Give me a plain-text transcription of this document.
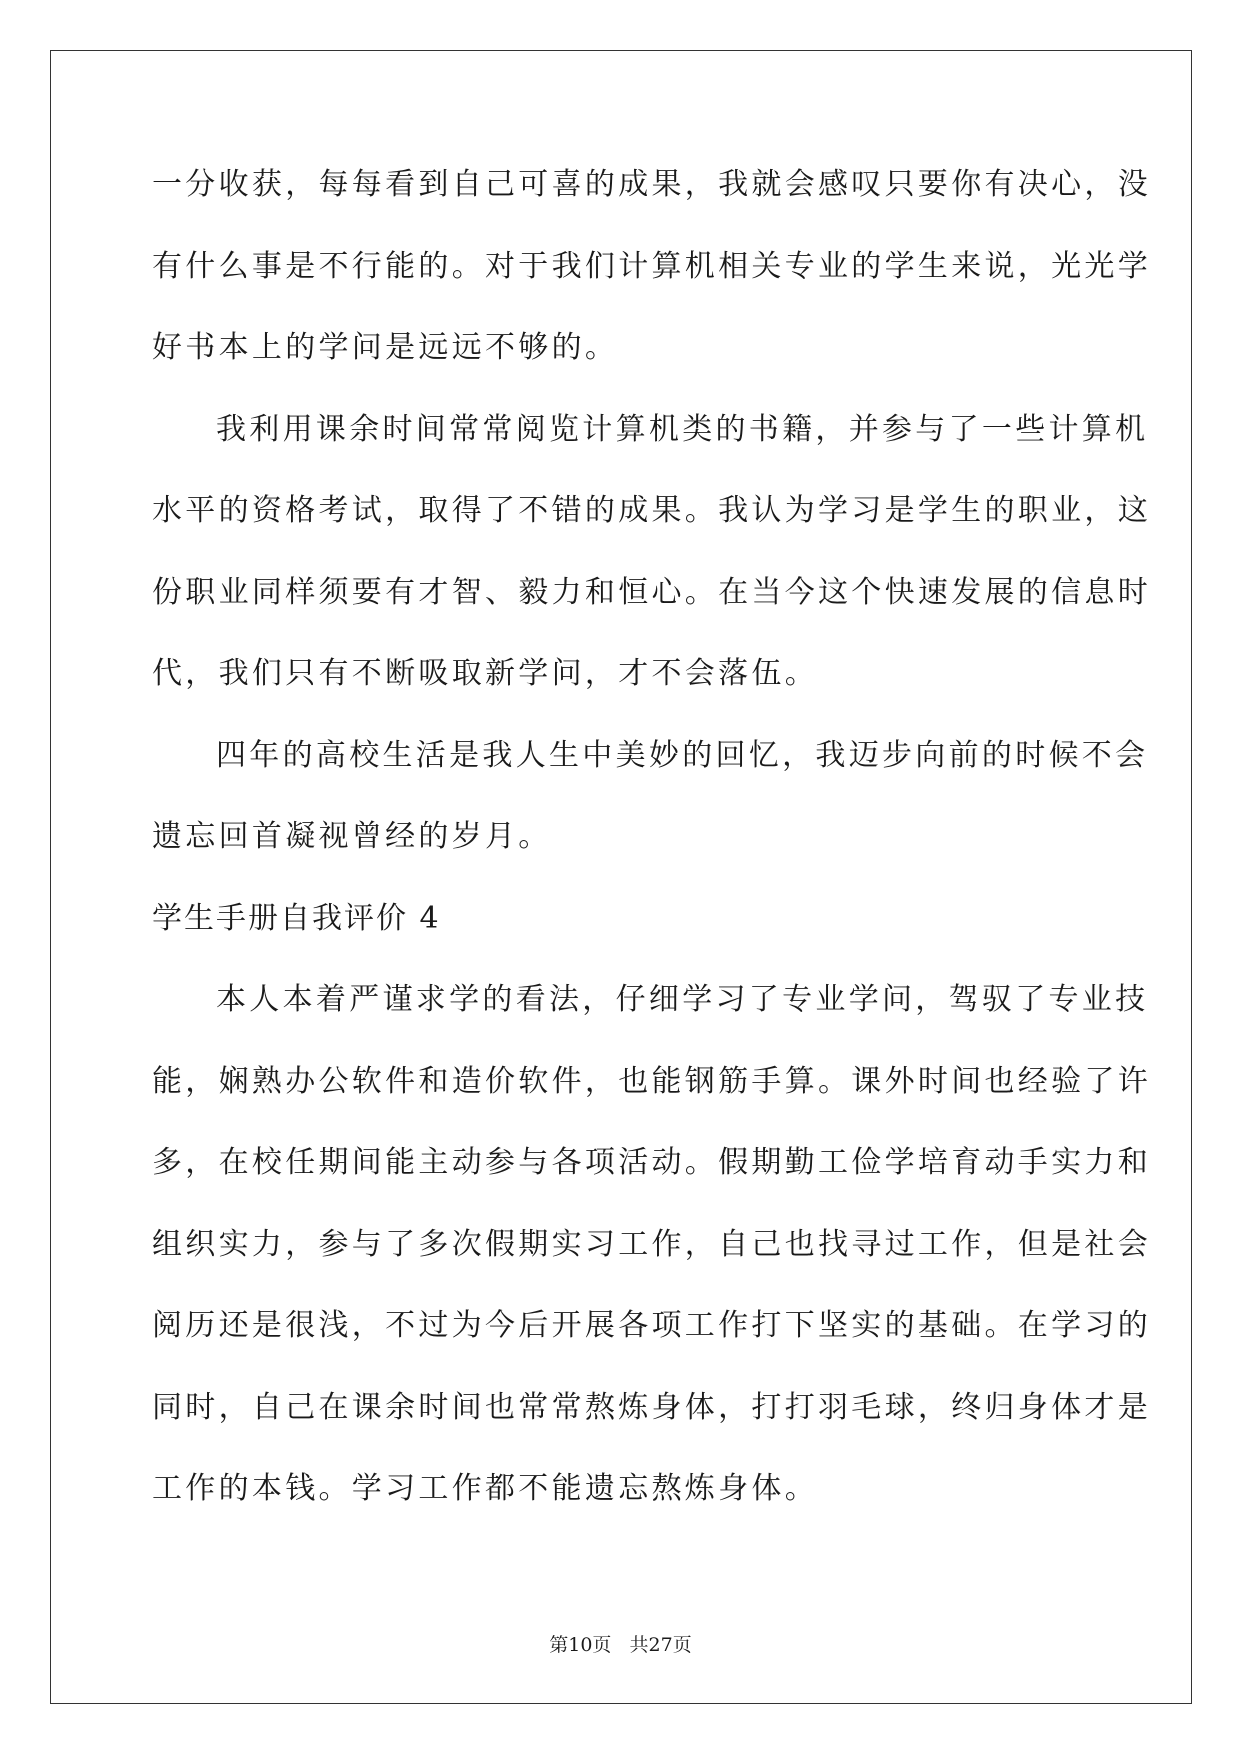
一分收获，每每看到自己可喜的成果，我就会感叹只要你有决心，没
有什么事是不行能的。对于我们计算机相关专业的学生来说，光光学
好书本上的学问是远远不够的。
我利用课余时间常常阅览计算机类的书籍，并参与了一些计算机
水平的资格考试，取得了不错的成果。我认为学习是学生的职业，这
份职业同样须要有才智、毅力和恒心。在当今这个快速发展的信息时
代，我们只有不断吸取新学问，才不会落伍。
四年的高校生活是我人生中美妙的回忆，我迈步向前的时候不会
遗忘回首凝视曾经的岁月。
学生手册自我评价 4
本人本着严谨求学的看法，仔细学习了专业学问，驾驭了专业技
能，娴熟办公软件和造价软件，也能钢筋手算。课外时间也经验了许
多，在校任期间能主动参与各项活动。假期勤工俭学培育动手实力和
组织实力，参与了多次假期实习工作，自己也找寻过工作，但是社会
阅历还是很浅，不过为今后开展各项工作打下坚实的基础。在学习的
同时，自己在课余时间也常常熬炼身体，打打羽毛球，终归身体才是
工作的本钱。学习工作都不能遗忘熬炼身体。
第10页   共27页
